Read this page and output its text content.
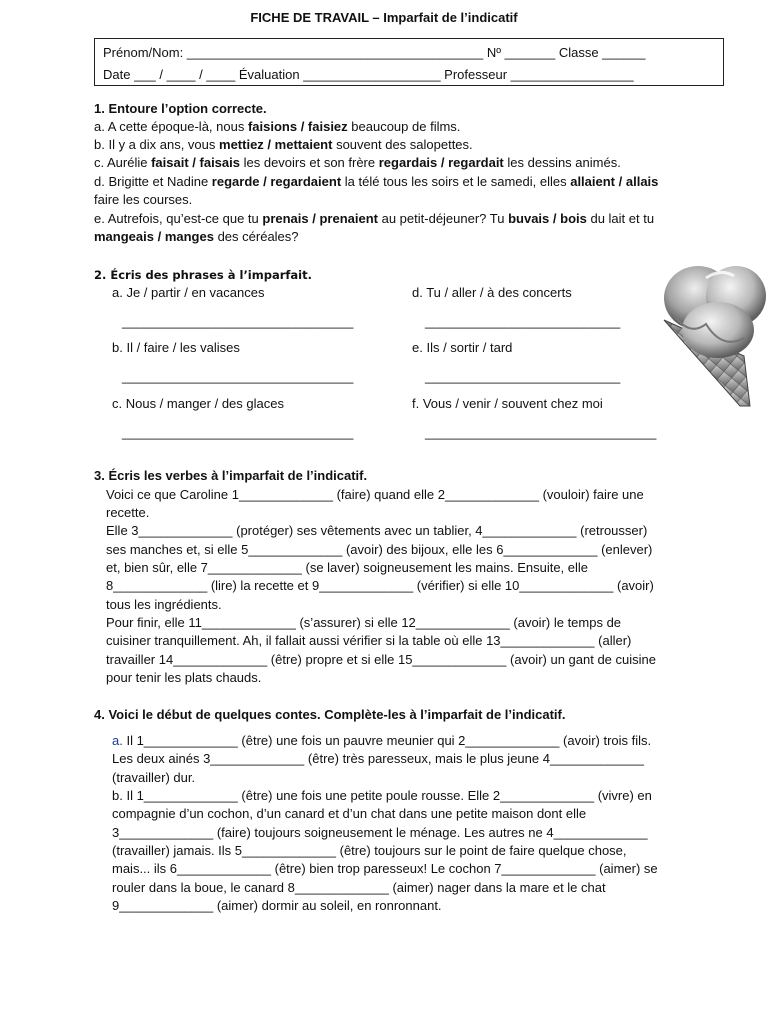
FICHE DE TRAVAIL – Imparfait de l’indicatif
Prénom/Nom: _________________________________________ Nº _______ Classe ______
Date ___ / ____ / ____ Évaluation ___________________ Professeur _________________
1. Entoure l’option correcte.
a. A cette époque-là, nous faisions / faisiez beaucoup de films.
b. Il y a dix ans, vous mettiez / mettaient souvent des salopettes.
c. Aurélie faisait / faisais les devoirs et son frère regardais / regardait les dessins animés.
d. Brigitte et Nadine regarde / regardaient la télé tous les soirs et le samedi, elles allaient / allais
faire les courses.
e. Autrefois, qu’est-ce que tu prenais / prenaient au petit-déjeuner? Tu buvais / bois du lait et tu
mangeais / manges des céréales?
2. Écris des phrases à l’imparfait.
a. Je / partir / en vacances	d. Tu / aller / à des concerts
________________________________	___________________________
b. Il / faire / les valises	e. Ils / sortir / tard
________________________________	___________________________
c. Nous / manger / des glaces	f. Vous / venir / souvent chez moi
________________________________	________________________________
3. Écris les verbes à l’imparfait de l’indicatif.
Voici ce que Caroline 1_____________ (faire) quand elle 2_____________ (vouloir) faire une
recette.
Elle 3_____________ (protéger) ses vêtements avec un tablier, 4_____________ (retrousser)
ses manches et, si elle 5_____________ (avoir) des bijoux, elle les 6_____________ (enlever)
et, bien sûr, elle 7_____________ (se laver) soigneusement les mains. Ensuite, elle
8_____________ (lire) la recette et 9_____________ (vérifier) si elle 10_____________ (avoir)
tous les ingrédients.
Pour finir, elle 11_____________ (s’assurer) si elle 12_____________ (avoir) le temps de
cuisiner tranquillement. Ah, il fallait aussi vérifier si la table où elle 13_____________ (aller)
travailler 14_____________ (être) propre et si elle 15_____________ (avoir) un gant de cuisine
pour tenir les plats chauds.
4. Voici le début de quelques contes. Complète-les à l’imparfait de l’indicatif.
a. Il 1_____________ (être) une fois un pauvre meunier qui 2_____________ (avoir) trois fils.
Les deux ainés 3_____________ (être) très paresseux, mais le plus jeune 4_____________
(travailler) dur.
b. Il 1_____________ (être) une fois une petite poule rousse. Elle 2_____________ (vivre) en
compagnie d’un cochon, d’un canard et d’un chat dans une petite maison dont elle
3_____________ (faire) toujours soigneusement le ménage. Les autres ne 4_____________
(travailler) jamais. Ils 5_____________ (être) toujours sur le point de faire quelque chose,
mais... ils 6_____________ (être) bien trop paresseux! Le cochon 7_____________ (aimer) se
rouler dans la boue, le canard 8_____________ (aimer) nager dans la mare et le chat
9_____________ (aimer) dormir au soleil, en ronronnant.
